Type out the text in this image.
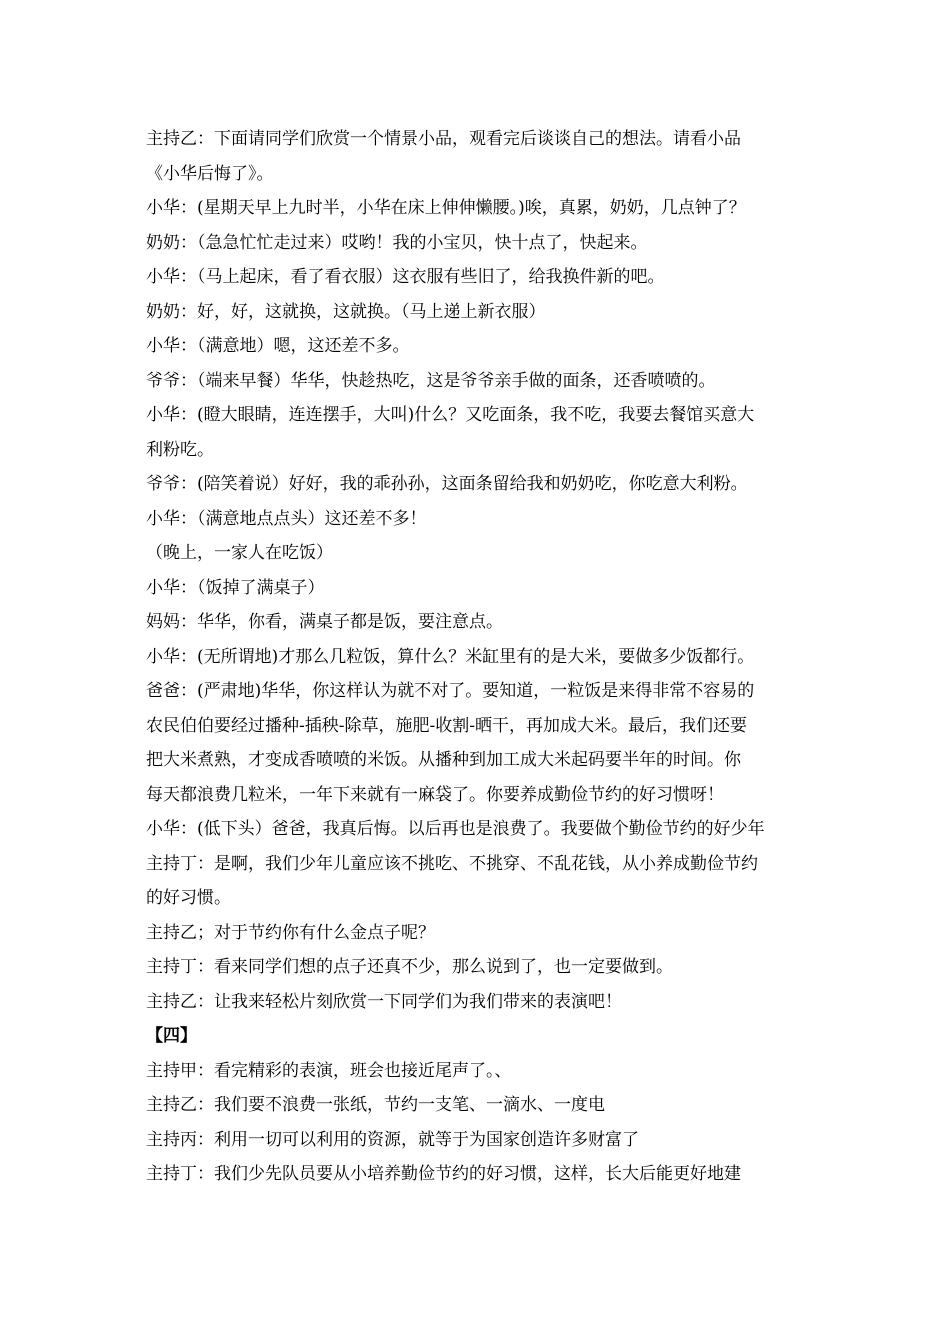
主持乙：下面请同学们欣赏一个情景小品，观看完后谈谈自己的想法。请看小品
《小华后悔了》。
小华：(星期天早上九时半，小华在床上伸伸懒腰。)唉，真累，奶奶，几点钟了？
奶奶：（急急忙忙走过来）哎哟！我的小宝贝，快十点了，快起来。
小华：（马上起床，看了看衣服）这衣服有些旧了，给我换件新的吧。
奶奶：好，好，这就换，这就换。（马上递上新衣服）
小华：（满意地）嗯，这还差不多。
爷爷：（端来早餐）华华，快趁热吃，这是爷爷亲手做的面条，还香喷喷的。
小华：(瞪大眼睛，连连摆手，大叫)什么？又吃面条，我不吃，我要去餐馆买意大
利粉吃。
爷爷：(陪笑着说）好好，我的乖孙孙，这面条留给我和奶奶吃，你吃意大利粉。
小华：（满意地点点头）这还差不多！
（晚上，一家人在吃饭）
小华：（饭掉了满桌子）
妈妈：华华，你看，满桌子都是饭，要注意点。
小华：(无所谓地)才那么几粒饭，算什么？米缸里有的是大米，要做多少饭都行。
爸爸：(严肃地)华华，你这样认为就不对了。要知道，一粒饭是来得非常不容易的
农民伯伯要经过播种-插秧-除草，施肥-收割-晒干，再加成大米。最后，我们还要
把大米煮熟，才变成香喷喷的米饭。从播种到加工成大米起码要半年的时间。你
每天都浪费几粒米，一年下来就有一麻袋了。你要养成勤俭节约的好习惯呀！
小华：(低下头）爸爸，我真后悔。以后再也是浪费了。我要做个勤俭节约的好少年
主持丁：是啊，我们少年儿童应该不挑吃、不挑穿、不乱花钱，从小养成勤俭节约
的好习惯。
主持乙；对于节约你有什么金点子呢？
主持丁：看来同学们想的点子还真不少，那么说到了，也一定要做到。
主持乙：让我来轻松片刻欣赏一下同学们为我们带来的表演吧！
【四】
主持甲：看完精彩的表演，班会也接近尾声了。、
主持乙：我们要不浪费一张纸，节约一支笔、一滴水、一度电
主持丙：利用一切可以利用的资源，就等于为国家创造许多财富了
主持丁：我们少先队员要从小培养勤俭节约的好习惯，这样，长大后能更好地建
